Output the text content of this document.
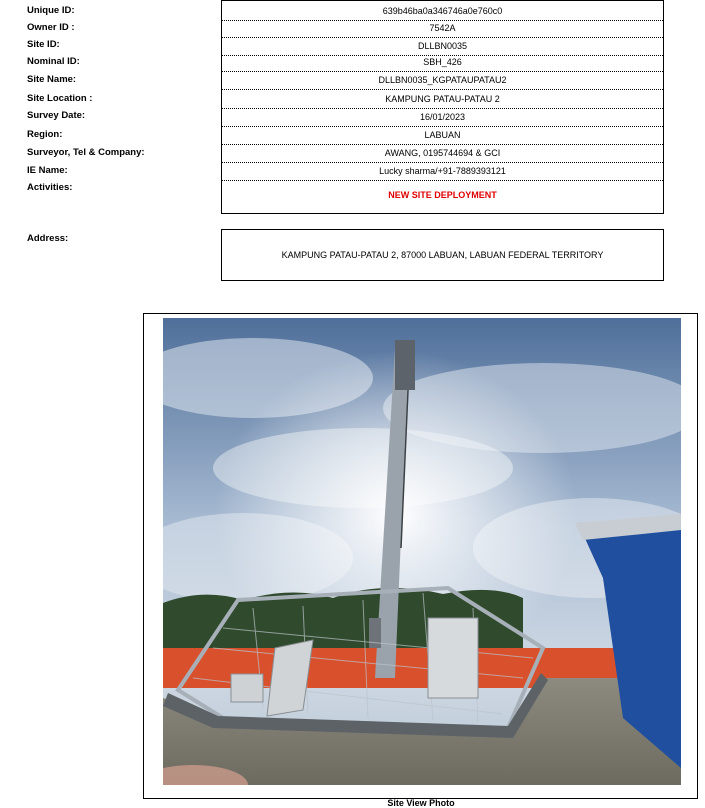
Unique ID:
Owner ID :
Site ID:
Nominal ID:
Site Name:
Site Location :
Survey Date:
Region:
Surveyor, Tel & Company:
IE Name:
Activities:
639b46ba0a346746a0e760c0
7542A
DLLBN0035
SBH_426
DLLBN0035_KGPATAUPATAU2
KAMPUNG PATAU-PATAU 2
16/01/2023
LABUAN
AWANG, 0195744694 & GCI
Lucky sharma/+91-7889393121
NEW SITE DEPLOYMENT
Address:
KAMPUNG PATAU-PATAU 2, 87000 LABUAN, LABUAN FEDERAL TERRITORY
Site View Photo
